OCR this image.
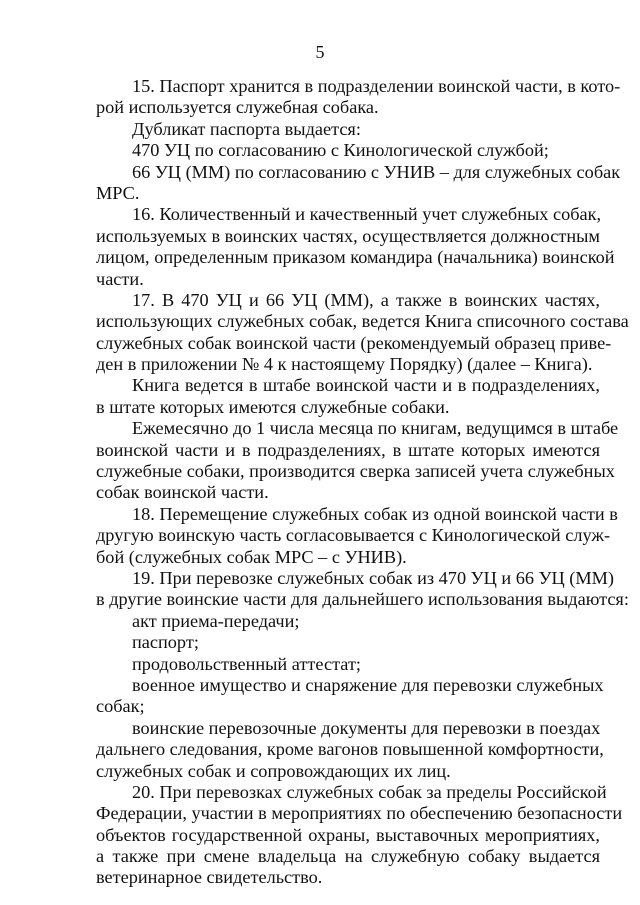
5
15. Паспорт хранится в подразделении воинской части, в кото-
рой используется служебная собака.
Дубликат паспорта выдается:
470 УЦ по согласованию с Кинологической службой;
66 УЦ (ММ) по согласованию с УНИВ – для служебных собак
МРС.
16. Количественный и качественный учет служебных собак,
используемых в воинских частях, осуществляется должностным
лицом, определенным приказом командира (начальника) воинской
части.
17. В 470 УЦ и 66 УЦ (ММ), а также в воинских частях,
использующих служебных собак, ведется Книга списочного состава
служебных собак воинской части (рекомендуемый образец приве-
ден в приложении № 4 к настоящему Порядку) (далее – Книга).
Книга ведется в штабе воинской части и в подразделениях,
в штате которых имеются служебные собаки.
Ежемесячно до 1 числа месяца по книгам, ведущимся в штабе
воинской части и в подразделениях, в штате которых имеются
служебные собаки, производится сверка записей учета служебных
собак воинской части.
18. Перемещение служебных собак из одной воинской части в
другую воинскую часть согласовывается с Кинологической служ-
бой (служебных собак МРС – с УНИВ).
19. При перевозке служебных собак из 470 УЦ и 66 УЦ (ММ)
в другие воинские части для дальнейшего использования выдаются:
акт приема-передачи;
паспорт;
продовольственный аттестат;
военное имущество и снаряжение для перевозки служебных
собак;
воинские перевозочные документы для перевозки в поездах
дальнего следования, кроме вагонов повышенной комфортности,
служебных собак и сопровождающих их лиц.
20. При перевозках служебных собак за пределы Российской
Федерации, участии в мероприятиях по обеспечению безопасности
объектов государственной охраны, выставочных мероприятиях,
а также при смене владельца на служебную собаку выдается
ветеринарное свидетельство.
